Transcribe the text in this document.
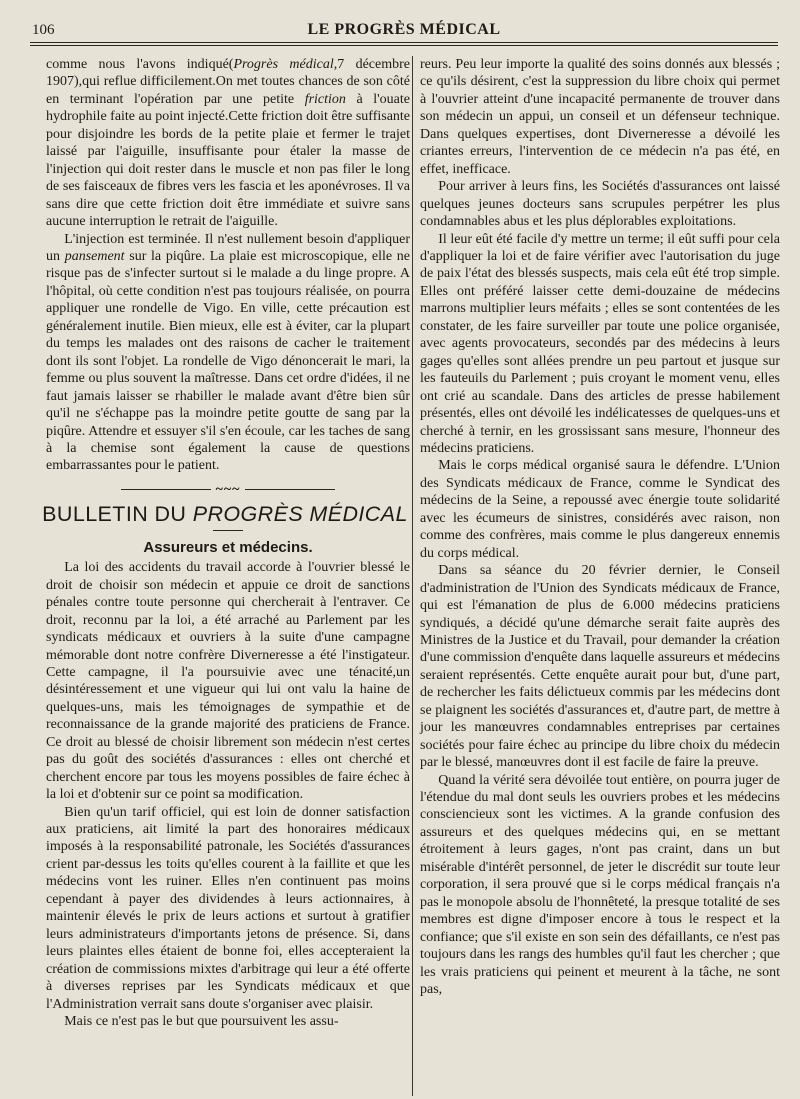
106	LE PROGRÈS MÉDICAL

comme nous l'avons indiqué(Progrès médical,7 décembre 1907),qui reflue difficilement.On met toutes chances de son côté en terminant l'opération par une petite friction à l'ouate hydrophile faite au point injecté.Cette friction doit être suffisante pour disjoindre les bords de la petite plaie et fermer le trajet laissé par l'aiguille, insuffisante pour étaler la masse de l'injection qui doit rester dans le muscle et non pas filer le long de ses faisceaux de fibres vers les fascia et les aponévroses. Il va sans dire que cette friction doit être immédiate et suivre sans aucune interruption le retrait de l'aiguille.

L'injection est terminée. Il n'est nullement besoin d'appliquer un pansement sur la piqûre. La plaie est microscopique, elle ne risque pas de s'infecter surtout si le malade a du linge propre. A l'hôpital, où cette condition n'est pas toujours réalisée, on pourra appliquer une rondelle de Vigo. En ville, cette précaution est généralement inutile. Bien mieux, elle est à éviter, car la plupart du temps les malades ont des raisons de cacher le traitement dont ils sont l'objet. La rondelle de Vigo dénoncerait le mari, la femme ou plus souvent la maîtresse. Dans cet ordre d'idées, il ne faut jamais laisser se rhabiller le malade avant d'être bien sûr qu'il ne s'échappe pas la moindre petite goutte de sang par la piqûre. Attendre et essuyer s'il s'en écoule, car les taches de sang à la chemise sont également la cause de questions embarrassantes pour le patient.

~~~
BULLETIN DU PROGRÈS MÉDICAL
Assureurs et médecins.

La loi des accidents du travail accorde à l'ouvrier blessé le droit de choisir son médecin et appuie ce droit de sanctions pénales contre toute personne qui chercherait à l'entraver. Ce droit, reconnu par la loi, a été arraché au Parlement par les syndicats médicaux et ouvriers à la suite d'une campagne mémorable dont notre confrère Diverneresse a été l'instigateur. Cette campagne, il l'a poursuivie avec une ténacité,un désintéressement et une vigueur qui lui ont valu la haine de quelques-uns, mais les témoignages de sympathie et de reconnaissance de la grande majorité des praticiens de France. Ce droit au blessé de choisir librement son médecin n'est certes pas du goût des sociétés d'assurances : elles ont cherché et cherchent encore par tous les moyens possibles de faire échec à la loi et d'obtenir sur ce point sa modification.

Bien qu'un tarif officiel, qui est loin de donner satisfaction aux praticiens, ait limité la part des honoraires médicaux imposés à la responsabilité patronale, les Sociétés d'assurances crient par-dessus les toits qu'elles courent à la faillite et que les médecins vont les ruiner. Elles n'en continuent pas moins cependant à payer des dividendes à leurs actionnaires, à maintenir élevés le prix de leurs actions et surtout à gratifier leurs administrateurs d'importants jetons de présence. Si, dans leurs plaintes elles étaient de bonne foi, elles accepteraient la création de commissions mixtes d'arbitrage qui leur a été offerte à diverses reprises par les Syndicats médicaux et que l'Administration verrait sans doute s'organiser avec plaisir.

Mais ce n'est pas le but que poursuivent les assu-

reurs. Peu leur importe la qualité des soins donnés aux blessés ; ce qu'ils désirent, c'est la suppression du libre choix qui permet à l'ouvrier atteint d'une incapacité permanente de trouver dans son médecin un appui, un conseil et un défenseur technique. Dans quelques expertises, dont Diverneresse a dévoilé les criantes erreurs, l'intervention de ce médecin n'a pas été, en effet, inefficace.

Pour arriver à leurs fins, les Sociétés d'assurances ont laissé quelques jeunes docteurs sans scrupules perpétrer les plus condamnables abus et les plus déplorables exploitations.

Il leur eût été facile d'y mettre un terme; il eût suffi pour cela d'appliquer la loi et de faire vérifier avec l'autorisation du juge de paix l'état des blessés suspects, mais cela eût été trop simple. Elles ont préféré laisser cette demi-douzaine de médecins marrons multiplier leurs méfaits ; elles se sont contentées de les constater, de les faire surveiller par toute une police organisée, avec agents provocateurs, secondés par des médecins à leurs gages qu'elles sont allées prendre un peu partout et jusque sur les fauteuils du Parlement ; puis croyant le moment venu, elles ont crié au scandale. Dans des articles de presse habilement présentés, elles ont dévoilé les indélicatesses de quelques-uns et cherché à ternir, en les grossissant sans mesure, l'honneur des médecins praticiens.

Mais le corps médical organisé saura le défendre. L'Union des Syndicats médicaux de France, comme le Syndicat des médecins de la Seine, a repoussé avec énergie toute solidarité avec les écumeurs de sinistres, considérés avec raison, non comme des confrères, mais comme le plus dangereux ennemis du corps médical.

Dans sa séance du 20 février dernier, le Conseil d'administration de l'Union des Syndicats médicaux de France, qui est l'émanation de plus de 6.000 médecins praticiens syndiqués, a décidé qu'une démarche serait faite auprès des Ministres de la Justice et du Travail, pour demander la création d'une commission d'enquête dans laquelle assureurs et médecins seraient représentés. Cette enquête aurait pour but, d'une part, de rechercher les faits délictueux commis par les médecins dont se plaignent les sociétés d'assurances et, d'autre part, de mettre à jour les manœuvres condamnables entreprises par certaines sociétés pour faire échec au principe du libre choix du médecin par le blessé, manœuvres dont il est facile de faire la preuve.

Quand la vérité sera dévoilée tout entière, on pourra juger de l'étendue du mal dont seuls les ouvriers probes et les médecins consciencieux sont les victimes. A la grande confusion des assureurs et des quelques médecins qui, en se mettant étroitement à leurs gages, n'ont pas craint, dans un but misérable d'intérêt personnel, de jeter le discrédit sur toute leur corporation, il sera prouvé que si le corps médical français n'a pas le monopole absolu de l'honnêteté, la presque totalité de ses membres est digne d'imposer encore à tous le respect et la confiance; que s'il existe en son sein des défaillants, ce n'est pas toujours dans les rangs des humbles qu'il faut les chercher ; que les vrais praticiens qui peinent et meurent à la tâche, ne sont pas,
